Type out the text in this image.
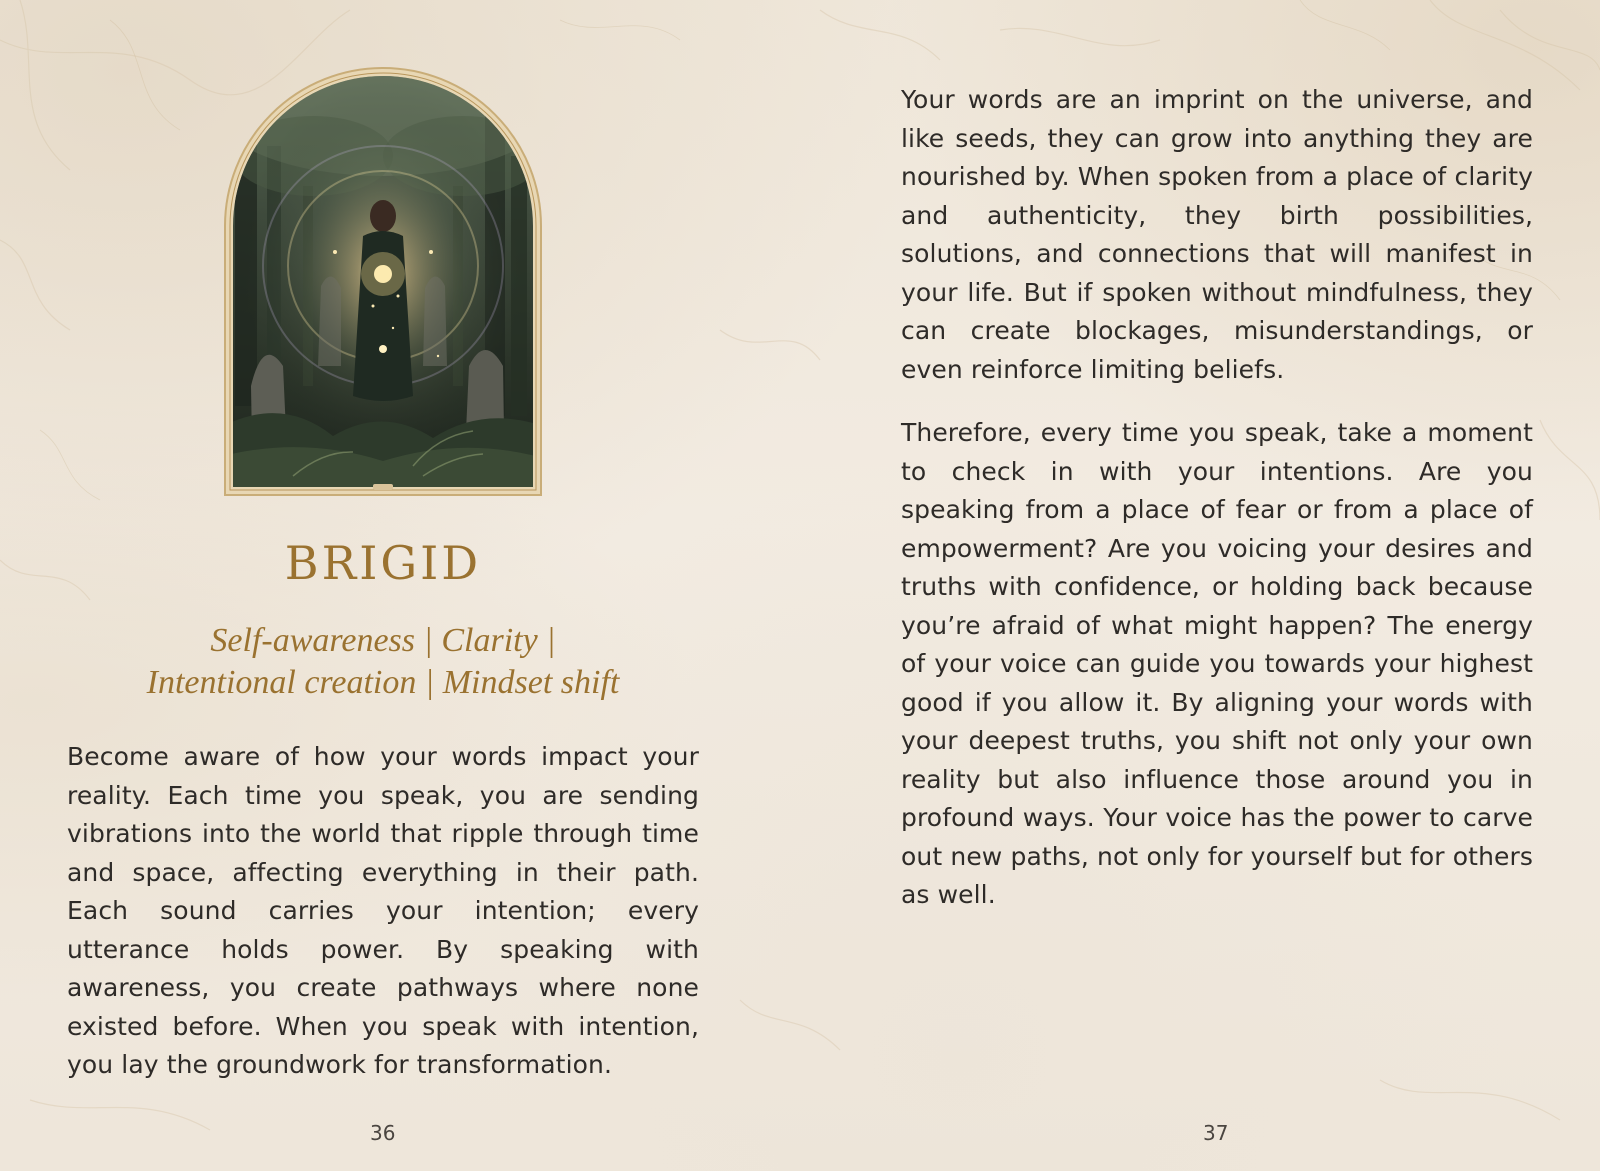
BRIGID
Self-awareness | Clarity |
Intentional creation | Mindset shift

Become aware of how your words impact your reality. Each time you speak, you are sending vibrations into the world that ripple through time and space, affecting everything in their path. Each sound carries your intention; every utterance holds power. By speaking with awareness, you create pathways where none existed before. When you speak with intention, you lay the groundwork for transformation.

36

Your words are an imprint on the universe, and like seeds, they can grow into anything they are nourished by. When spoken from a place of clarity and authenticity, they birth possibilities, solutions, and connections that will manifest in your life. But if spoken without mindfulness, they can create blockages, misunderstandings, or even reinforce limiting beliefs.

Therefore, every time you speak, take a moment to check in with your intentions. Are you speaking from a place of fear or from a place of empowerment? Are you voicing your desires and truths with confidence, or holding back because you’re afraid of what might happen? The energy of your voice can guide you towards your highest good if you allow it. By aligning your words with your deepest truths, you shift not only your own reality but also influence those around you in profound ways. Your voice has the power to carve out new paths, not only for yourself but for others as well.

37
